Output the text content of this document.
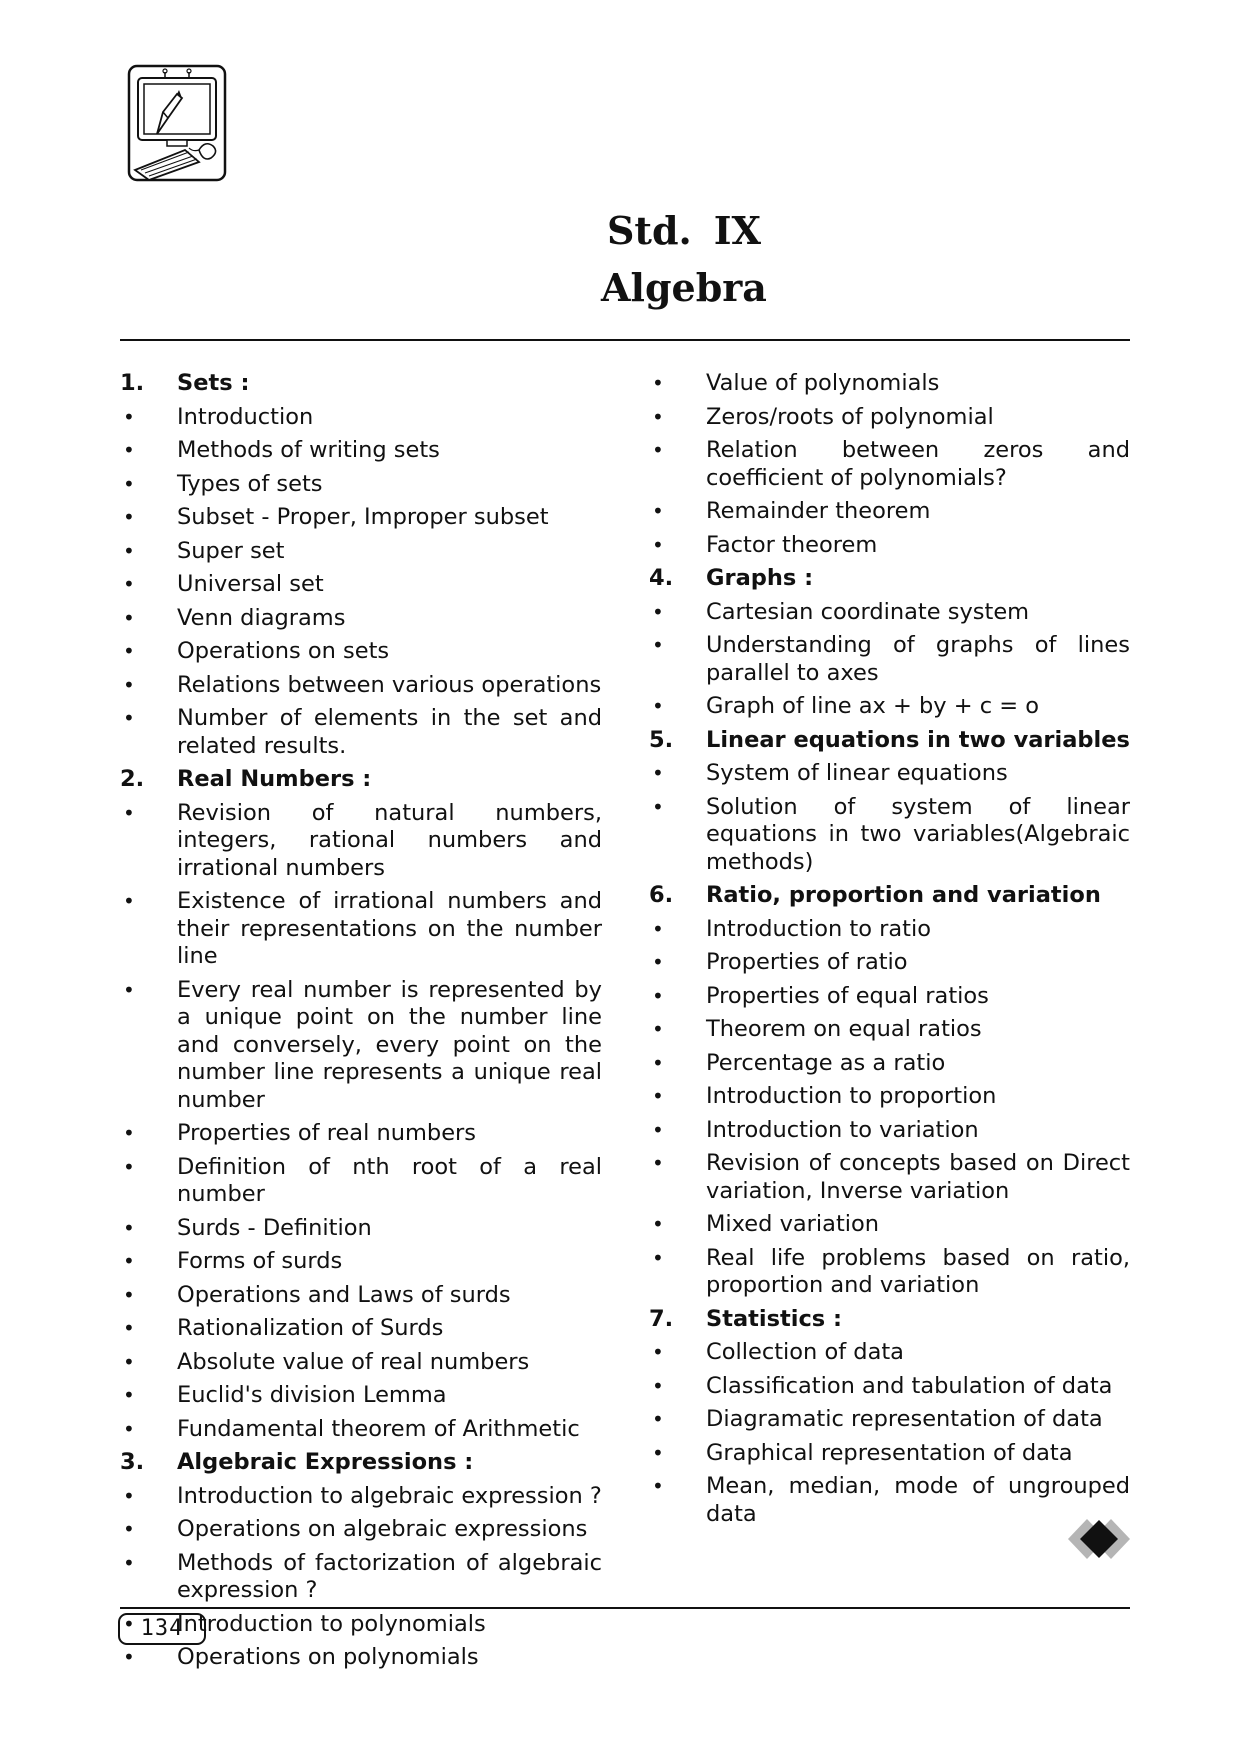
Std. IX
Algebra
1.	Sets :
•	Introduction
•	Methods of writing sets
•	Types of sets
•	Subset - Proper, Improper subset
•	Super set
•	Universal set
•	Venn diagrams
•	Operations on sets
•	Relations between various operations
•	Number of elements in the set and related results.
2.	Real Numbers :
•	Revision of natural numbers, integers, rational numbers and irrational numbers
•	Existence of irrational numbers and their representations on the number line
•	Every real number is represented by a unique point on the number line and conversely, every point on the number line represents a unique real number
•	Properties of real numbers
•	Definition of nth root of a real number
•	Surds - Definition
•	Forms of surds
•	Operations and Laws of surds
•	Rationalization of Surds
•	Absolute value of real numbers
•	Euclid's division Lemma
•	Fundamental theorem of Arithmetic
3.	Algebraic Expressions :
•	Introduction to algebraic expression ?
•	Operations on algebraic expressions
•	Methods of factorization of algebraic expression ?
•	Introduction to polynomials
•	Operations on polynomials
•	Value of polynomials
•	Zeros/roots of polynomial
•	Relation between zeros and coefficient of polynomials?
•	Remainder theorem
•	Factor theorem
4.	Graphs :
•	Cartesian coordinate system
•	Understanding of graphs of lines parallel to axes
•	Graph of line ax + by + c = o
5.	Linear equations in two variables
•	System of linear equations
•	Solution of system of linear equations in two variables(Algebraic methods)
6.	Ratio, proportion and variation
•	Introduction to ratio
•	Properties of ratio
•	Properties of equal ratios
•	Theorem on equal ratios
•	Percentage as a ratio
•	Introduction to proportion
•	Introduction to variation
•	Revision of concepts based on Direct variation, Inverse variation
•	Mixed variation
•	Real life problems based on ratio, proportion and variation
7.	Statistics :
•	Collection of data
•	Classification and tabulation of data
•	Diagramatic representation of data
•	Graphical representation of data
•	Mean, median, mode of ungrouped data
134
